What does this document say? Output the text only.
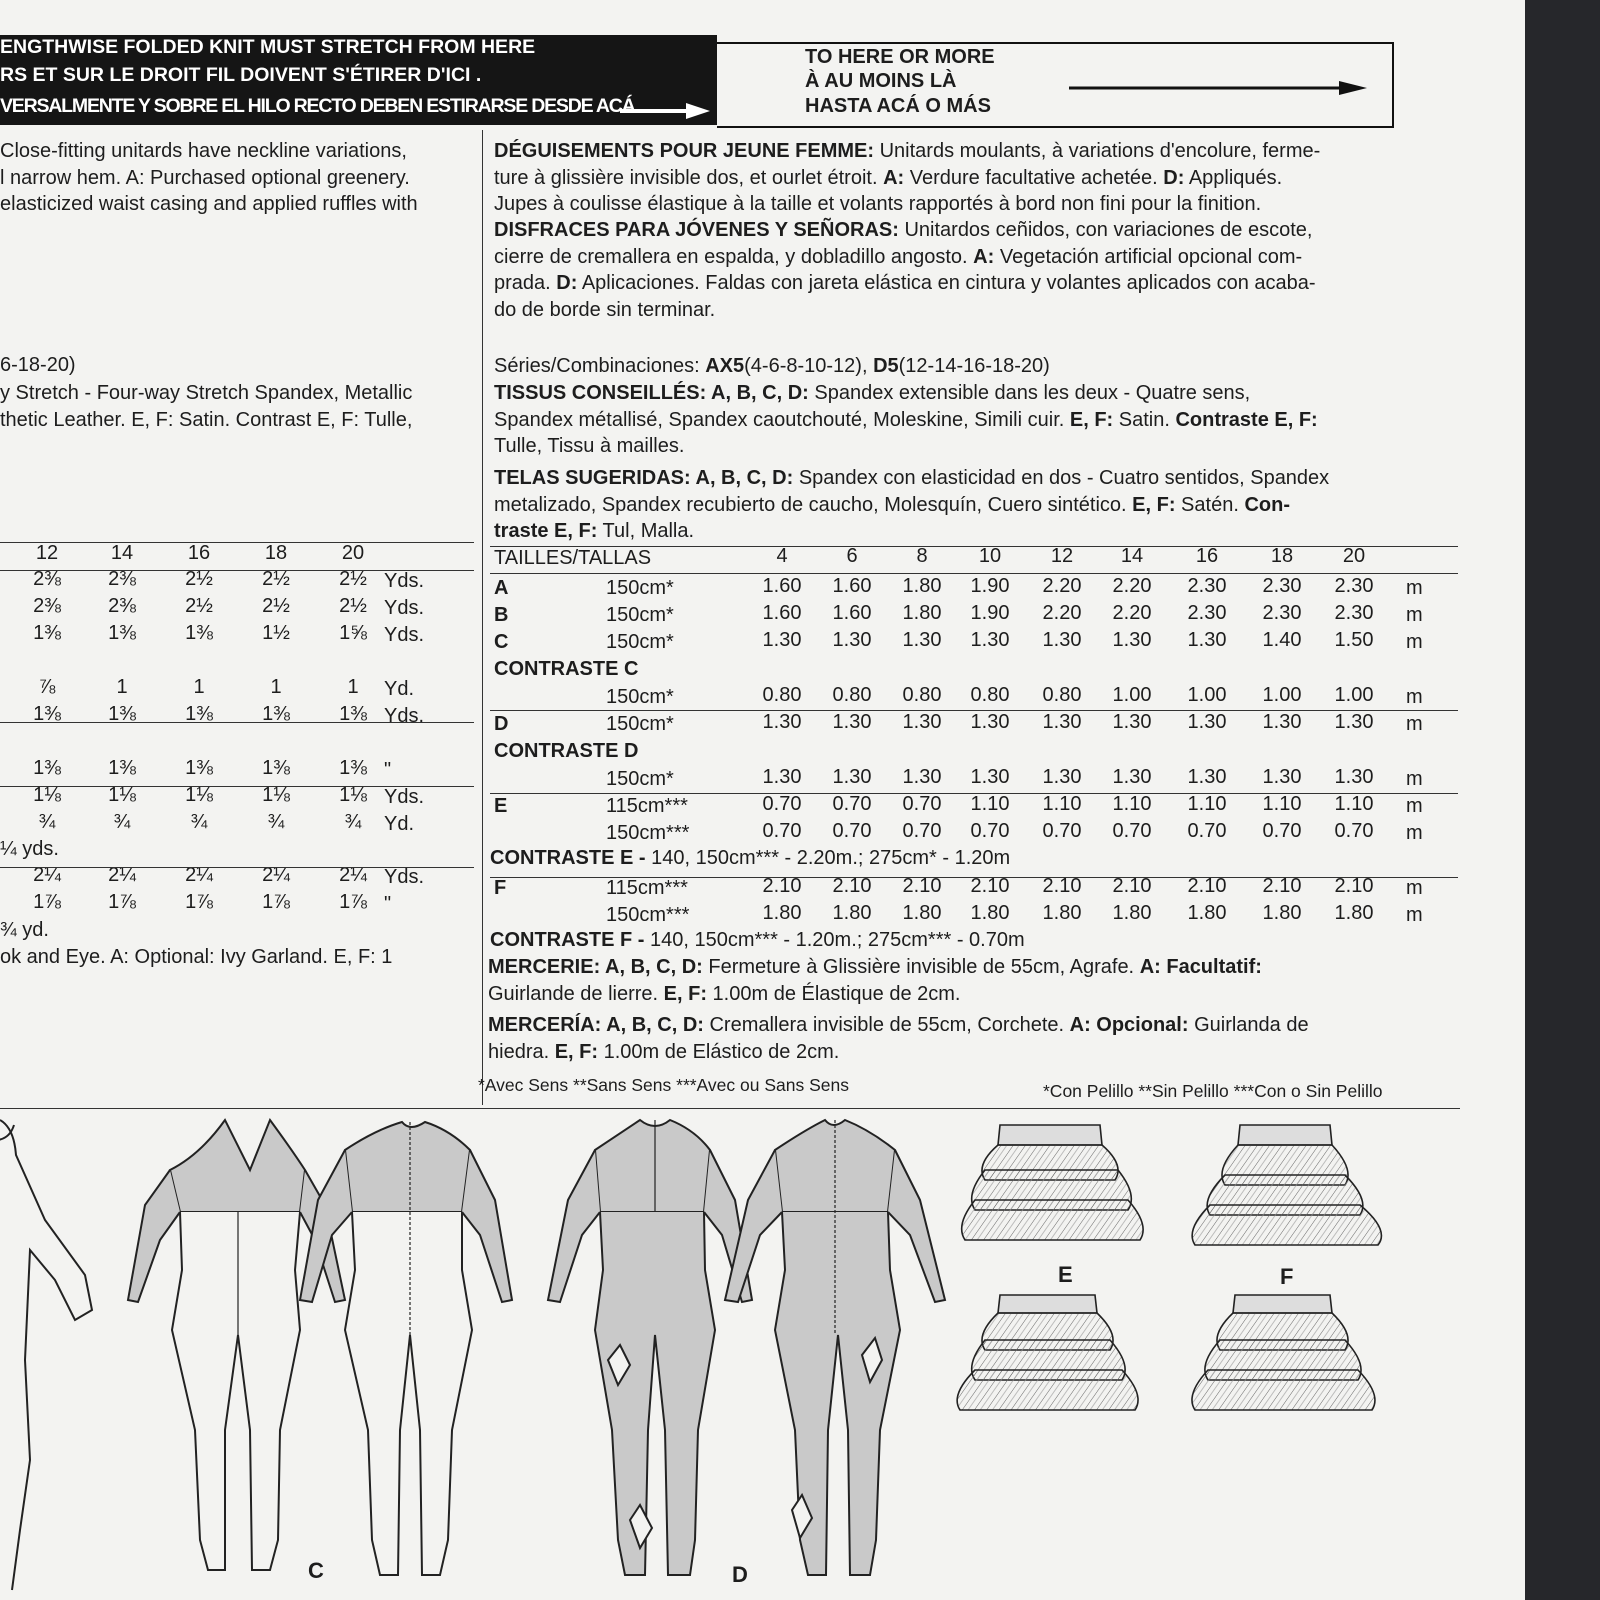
ENGTHWISE FOLDED KNIT MUST STRETCH FROM HERE
RS ET SUR LE DROIT FIL DOIVENT S'ÉTIRER D'ICI .
VERSALMENTE Y SOBRE EL HILO RECTO DEBEN ESTIRARSE DESDE ACÁ
TO HERE OR MORE
À AU MOINS LÀ
HASTA ACÁ O MÁS
Close-fitting unitards have neckline variations,
l narrow hem. A: Purchased optional greenery.
elasticized waist casing and applied ruffles with
6-18-20)
y Stretch - Four-way Stretch Spandex, Metallic
thetic Leather. E, F: Satin. Contrast E, F: Tulle,
12	14	16	18	20
2⅜	2⅜	2½	2½	2½ Yds.
2⅜	2⅜	2½	2½	2½ Yds.
1⅜	1⅜	1⅜	1½	1⅝ Yds.
⅞	1	1	1	1	Yd.
1⅜	1⅜	1⅜	1⅜	1⅜ Yds.
1⅜	1⅜	1⅜	1⅜	1⅜ "
1⅛	1⅛	1⅛	1⅛	1⅛ Yds.
¾	¾	¾	¾	¾	Yd.
2¼	2¼	2¼	2¼	2¼ Yds.
1⅞	1⅞	1⅞	1⅞	1⅞ "
¼ yds.
¾ yd.
ok and Eye. A: Optional: Ivy Garland. E, F: 1
DÉGUISEMENTS POUR JEUNE FEMME: Unitards moulants, à variations d'encolure, ferme-
ture à glissière invisible dos, et ourlet étroit. A: Verdure facultative achetée. D: Appliqués.
Jupes à coulisse élastique à la taille et volants rapportés à bord non fini pour la finition.
DISFRACES PARA JÓVENES Y SEÑORAS: Unitardos ceñidos, con variaciones de escote,
cierre de cremallera en espalda, y dobladillo angosto. A: Vegetación artificial opcional com-
prada. D: Aplicaciones. Faldas con jareta elástica en cintura y volantes aplicados con acaba-
do de borde sin terminar.
Séries/Combinaciones: AX5(4-6-8-10-12), D5(12-14-16-18-20)
TISSUS CONSEILLÉS: A, B, C, D: Spandex extensible dans les deux - Quatre sens,
Spandex métallisé, Spandex caoutchouté, Moleskine, Simili cuir. E, F: Satin. Contraste E, F:
Tulle, Tissu à mailles.
TELAS SUGERIDAS: A, B, C, D: Spandex con elasticidad en dos - Cuatro sentidos, Spandex
metalizado, Spandex recubierto de caucho, Molesquín, Cuero sintético. E, F: Satén. Con-
traste E, F: Tul, Malla.
TAILLES/TALLAS	4	6	8	10	12	14	16	18	20
A	150cm*	1.60	1.60	1.80	1.90	2.20	2.20	2.30	2.30	2.30	m
B	150cm*	1.60	1.60	1.80	1.90	2.20	2.20	2.30	2.30	2.30	m
C	150cm*	1.30	1.30	1.30	1.30	1.30	1.30	1.30	1.40	1.50	m
CONTRASTE C
150cm*	0.80	0.80	0.80	0.80	0.80	1.00	1.00	1.00	1.00	m
D	150cm*	1.30	1.30	1.30	1.30	1.30	1.30	1.30	1.30	1.30	m
CONTRASTE D
150cm*	1.30	1.30	1.30	1.30	1.30	1.30	1.30	1.30	1.30	m
E	115cm***	0.70	0.70	0.70	1.10	1.10	1.10	1.10	1.10	1.10	m
150cm***	0.70	0.70	0.70	0.70	0.70	0.70	0.70	0.70	0.70	m
F	115cm***	2.10	2.10	2.10	2.10	2.10	2.10	2.10	2.10	2.10	m
150cm***	1.80	1.80	1.80	1.80	1.80	1.80	1.80	1.80	1.80	m
CONTRASTE E - 140, 150cm*** - 2.20m.; 275cm* - 1.20m
CONTRASTE F - 140, 150cm*** - 1.20m.; 275cm*** - 0.70m
MERCERIE: A, B, C, D: Fermeture à Glissière invisible de 55cm, Agrafe. A: Facultatif:
Guirlande de lierre. E, F: 1.00m de Élastique de 2cm.
MERCERÍA: A, B, C, D: Cremallera invisible de 55cm, Corchete. A: Opcional: Guirlanda de
hiedra. E, F: 1.00m de Elástico de 2cm.
*Avec Sens **Sans Sens ***Avec ou Sans Sens	*Con Pelillo **Sin Pelillo ***Con o Sin Pelillo
C	D
E	F
